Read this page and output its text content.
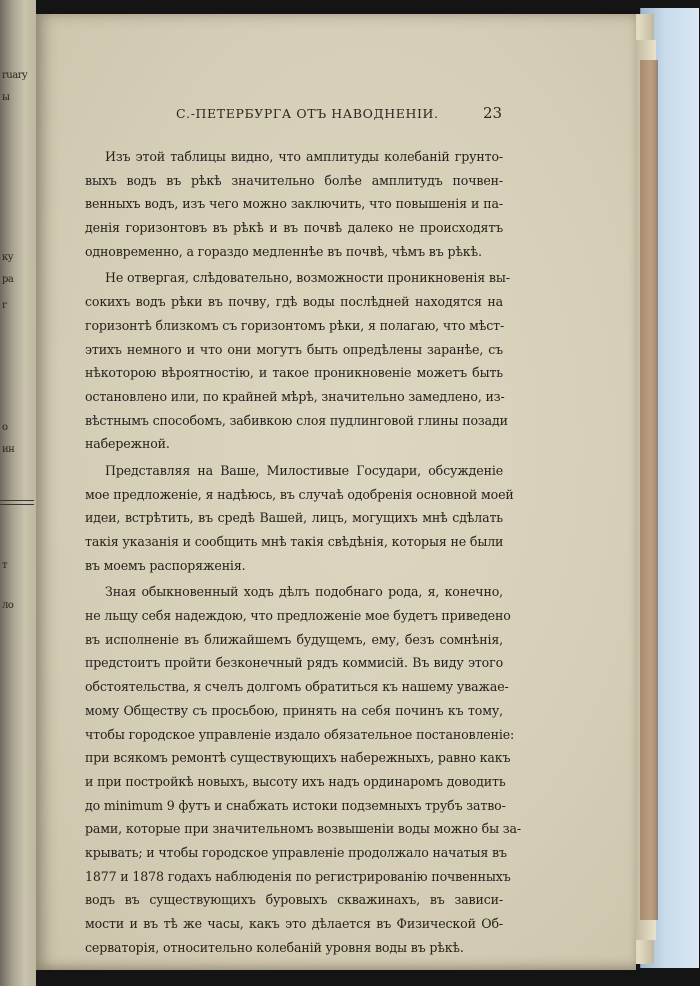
ruary
ы
ку
ра
r
о
ин
т
ло
С.-ПЕТЕРБУРГА ОТЪ НАВОДНЕНІИ.	23
Изъ этой таблицы видно, что амплитуды колебаній грунто-
выхъ водъ въ рѣкѣ значительно болѣе амплитудъ почвен-
венныхъ водъ, изъ чего можно заключить, что повышенія и па-
денія горизонтовъ въ рѣкѣ и въ почвѣ далеко не происходятъ
одновременно, а гораздо медленнѣе въ почвѣ, чѣмъ въ рѣкѣ.
Не отвергая, слѣдовательно, возможности проникновенія вы-
сокихъ водъ рѣки въ почву, гдѣ воды послѣдней находятся на
горизонтѣ близкомъ съ горизонтомъ рѣки, я полагаю, что мѣст-
этихъ немного и что они могутъ быть опредѣлены заранѣе, съ
нѣкоторою вѣроятностію, и такое проникновеніе можетъ быть
остановлено или, по крайней мѣрѣ, значительно замедлено, из-
вѣстнымъ способомъ, забивкою слоя пудлинговой глины позади
набережной.
Представляя на Ваше, Милостивые Государи, обсужденіе
мое предложеніе, я надѣюсь, въ случаѣ одобренія основной моей
идеи, встрѣтить, въ средѣ Вашей, лицъ, могущихъ мнѣ сдѣлать
такія указанія и сообщить мнѣ такія свѣдѣнія, которыя не были
въ моемъ распоряженія.
Зная обыкновенный ходъ дѣлъ подобнаго рода, я, конечно,
не льщу себя надеждою, что предложеніе мое будетъ приведено
въ исполненіе въ ближайшемъ будущемъ, ему, безъ сомнѣнія,
предстоитъ пройти безконечный рядъ коммисій. Въ виду этого
обстоятельства, я счелъ долгомъ обратиться къ нашему уважае-
мому Обществу съ просьбою, принять на себя починъ къ тому,
чтобы городское управленіе издало обязательное постановленіе:
при всякомъ ремонтѣ существующихъ набережныхъ, равно какъ
и при постройкѣ новыхъ, высоту ихъ надъ ординаромъ доводить
до minimum 9 футъ и снабжать истоки подземныхъ трубъ затво-
рами, которые при значительномъ возвышеніи воды можно бы за-
крывать; и чтобы городское управленіе продолжало начатыя въ
1877 и 1878 годахъ наблюденія по регистрированію почвенныхъ
водъ въ существующихъ буровыхъ скважинахъ, въ зависи-
мости и въ тѣ же часы, какъ это дѣлается въ Физической Об-
серваторія, относительно колебаній уровня воды въ рѣкѣ.
